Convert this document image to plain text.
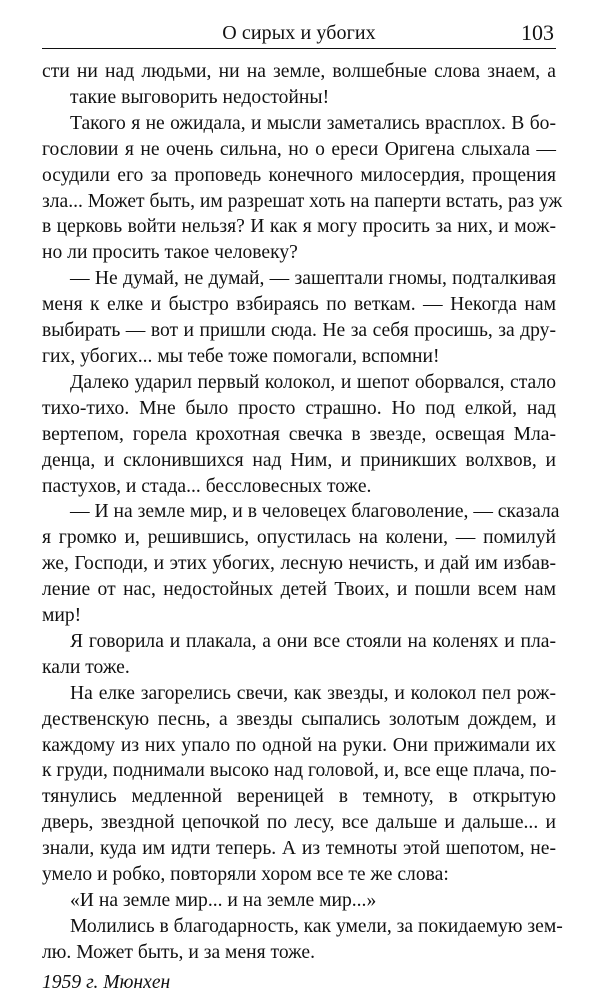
О сирых и убогих	103

сти ни над людьми, ни на земле, волшебные слова знаем, а
такие выговорить недостойны!

Такого я не ожидала, и мысли заметались врасплох. В бо-
гословии я не очень сильна, но о ереси Оригена слыхала —
осудили его за проповедь конечного милосердия, прощения
зла... Может быть, им разрешат хоть на паперти встать, раз уж
в церковь войти нельзя? И как я могу просить за них, и мож-
но ли просить такое человеку?

— Не думай, не думай, — зашептали гномы, подталкивая
меня к елке и быстро взбираясь по веткам. — Некогда нам
выбирать — вот и пришли сюда. Не за себя просишь, за дру-
гих, убогих... мы тебе тоже помогали, вспомни!

Далеко ударил первый колокол, и шепот оборвался, стало
тихо-тихо. Мне было просто страшно. Но под елкой, над
вертепом, горела крохотная свечка в звезде, освещая Мла-
денца, и склонившихся над Ним, и приникших волхвов, и
пастухов, и стада... бессловесных тоже.

— И на земле мир, и в человецех благоволение, — сказала
я громко и, решившись, опустилась на колени, — помилуй
же, Господи, и этих убогих, лесную нечисть, и дай им избав-
ление от нас, недостойных детей Твоих, и пошли всем нам
мир!

Я говорила и плакала, а они все стояли на коленях и пла-
кали тоже.

На елке загорелись свечи, как звезды, и колокол пел рож-
дественскую песнь, а звезды сыпались золотым дождем, и
каждому из них упало по одной на руки. Они прижимали их
к груди, поднимали высоко над головой, и, все еще плача, по-
тянулись медленной вереницей в темноту, в открытую
дверь, звездной цепочкой по лесу, все дальше и дальше... и
знали, куда им идти теперь. А из темноты этой шепотом, не-
умело и робко, повторяли хором все те же слова:

«И на земле мир... и на земле мир...»

Молились в благодарность, как умели, за покидаемую зем-
лю. Может быть, и за меня тоже.

1959 г. Мюнхен
